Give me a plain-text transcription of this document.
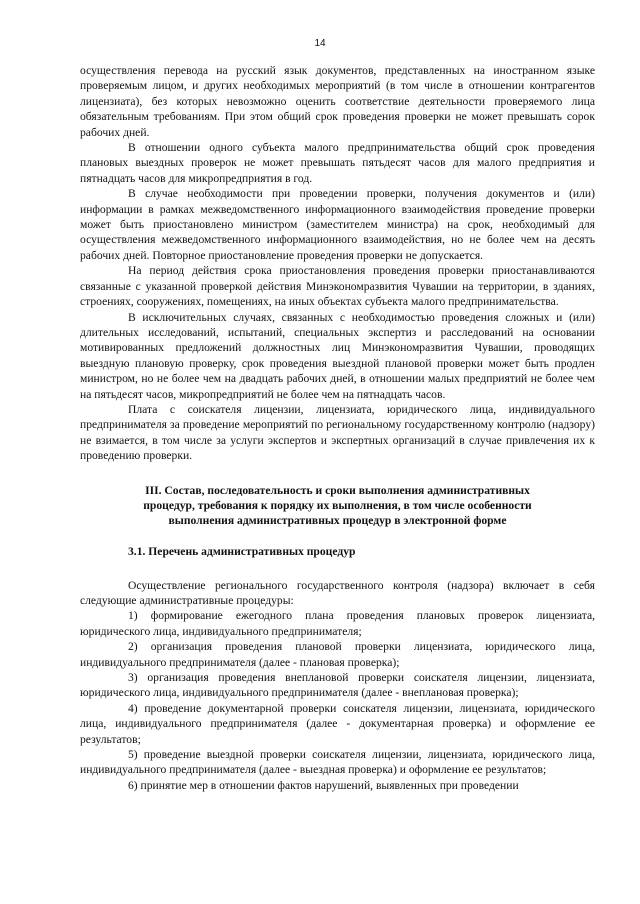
14

осуществления перевода на русский язык документов, представленных на иностранном языке проверяемым лицом, и других необходимых мероприятий (в том числе в отношении контрагентов лицензиата), без которых невозможно оценить соответствие деятельности проверяемого лица обязательным требованиям. При этом общий срок проведения проверки не может превышать сорок рабочих дней.

В отношении одного субъекта малого предпринимательства общий срок проведения плановых выездных проверок не может превышать пятьдесят часов для малого предприятия и пятнадцать часов для микропредприятия в год.

В случае необходимости при проведении проверки, получения документов и (или) информации в рамках межведомственного информационного взаимодействия проведение проверки может быть приостановлено министром (заместителем министра) на срок, необходимый для осуществления межведомственного информационного взаимодействия, но не более чем на десять рабочих дней. Повторное приостановление проведения проверки не допускается.

На период действия срока приостановления проведения проверки приостанавливаются связанные с указанной проверкой действия Минэкономразвития Чувашии на территории, в зданиях, строениях, сооружениях, помещениях, на иных объектах субъекта малого предпринимательства.

В исключительных случаях, связанных с необходимостью проведения сложных и (или) длительных исследований, испытаний, специальных экспертиз и расследований на основании мотивированных предложений должностных лиц Минэкономразвития Чувашии, проводящих выездную плановую проверку, срок проведения выездной плановой проверки может быть продлен министром, но не более чем на двадцать рабочих дней, в отношении малых предприятий не более чем на пятьдесят часов, микропредприятий не более чем на пятнадцать часов.

Плата с соискателя лицензии, лицензиата, юридического лица, индивидуального предпринимателя за проведение мероприятий по региональному государственному контролю (надзору) не взимается, в том числе за услуги экспертов и экспертных организаций в случае привлечения их к проведению проверки.

III. Состав, последовательность и сроки выполнения административных
процедур, требования к порядку их выполнения, в том числе особенности
выполнения административных процедур в электронной форме
3.1. Перечень административных процедур

Осуществление регионального государственного контроля (надзора) включает в себя следующие административные процедуры:

1) формирование ежегодного плана проведения плановых проверок лицензиата, юридического лица, индивидуального предпринимателя;

2) организация проведения плановой проверки лицензиата, юридического лица, индивидуального предпринимателя (далее - плановая проверка);

3) организация проведения внеплановой проверки соискателя лицензии, лицензиата, юридического лица, индивидуального предпринимателя (далее - внеплановая проверка);

4) проведение документарной проверки соискателя лицензии, лицензиата, юридического лица, индивидуального предпринимателя (далее - документарная проверка) и оформление ее результатов;

5) проведение выездной проверки соискателя лицензии, лицензиата, юридического лица, индивидуального предпринимателя (далее - выездная проверка) и оформление ее результатов;

6) принятие мер в отношении фактов нарушений, выявленных при проведении
